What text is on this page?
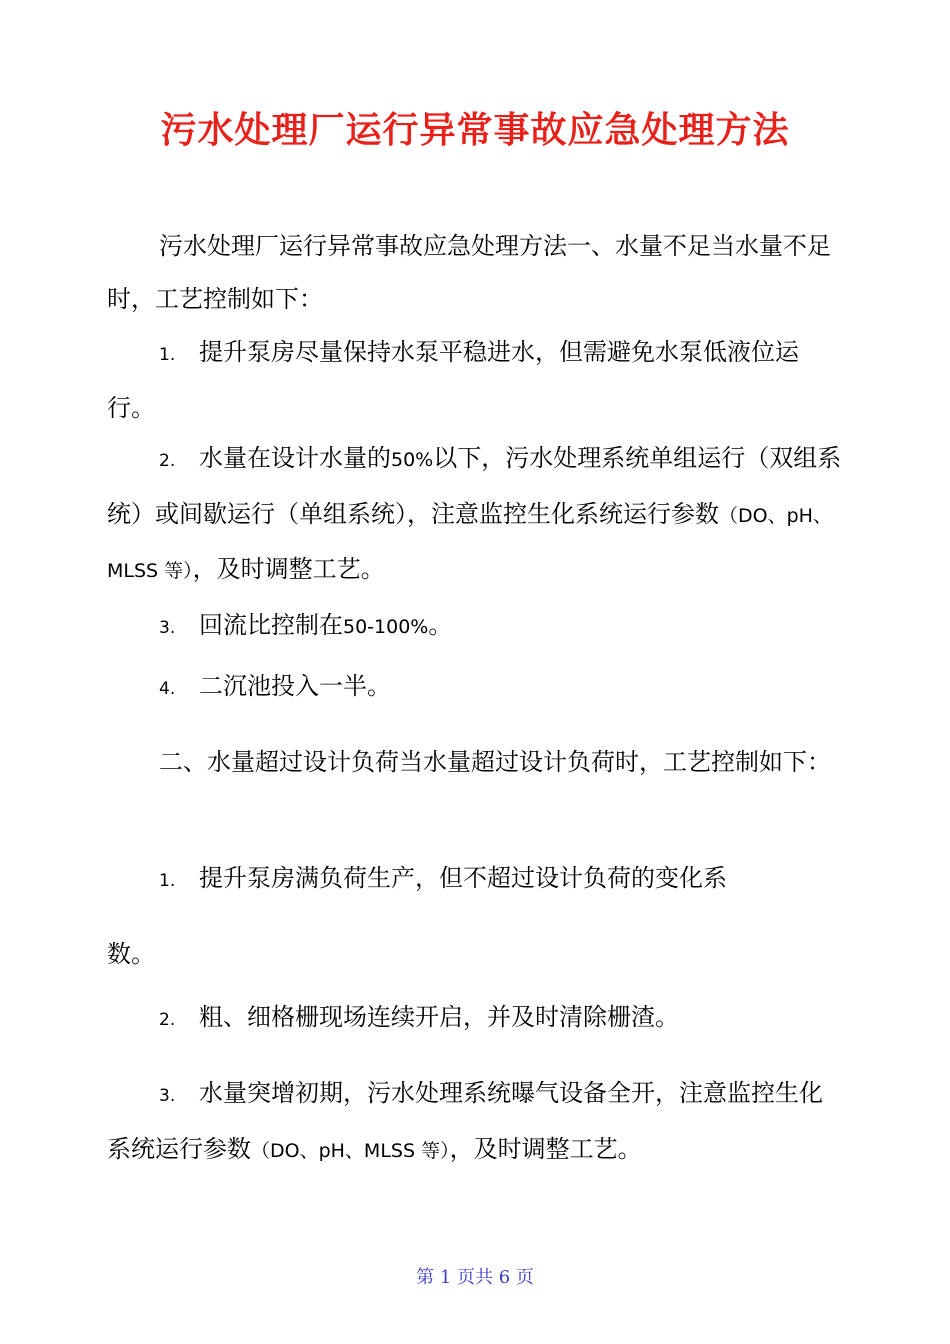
污水处理厂运行异常事故应急处理方法

污水处理厂运行异常事故应急处理方法一、水量不足当水量不足时，工艺控制如下：

1. 提升泵房尽量保持水泵平稳进水，但需避免水泵低液位运行。

2. 水量在设计水量的50%以下，污水处理系统单组运行（双组系统）或间歇运行（单组系统），注意监控生化系统运行参数（DO、pH、MLSS 等），及时调整工艺。

3. 回流比控制在50-100%。

4. 二沉池投入一半。

二、水量超过设计负荷当水量超过设计负荷时，工艺控制如下：

1. 提升泵房满负荷生产，但不超过设计负荷的变化系

数。

2. 粗、细格栅现场连续开启，并及时清除栅渣。

3. 水量突增初期，污水处理系统曝气设备全开，注意监控生化系统运行参数（DO、pH、MLSS 等），及时调整工艺。

第 1 页共 6 页
